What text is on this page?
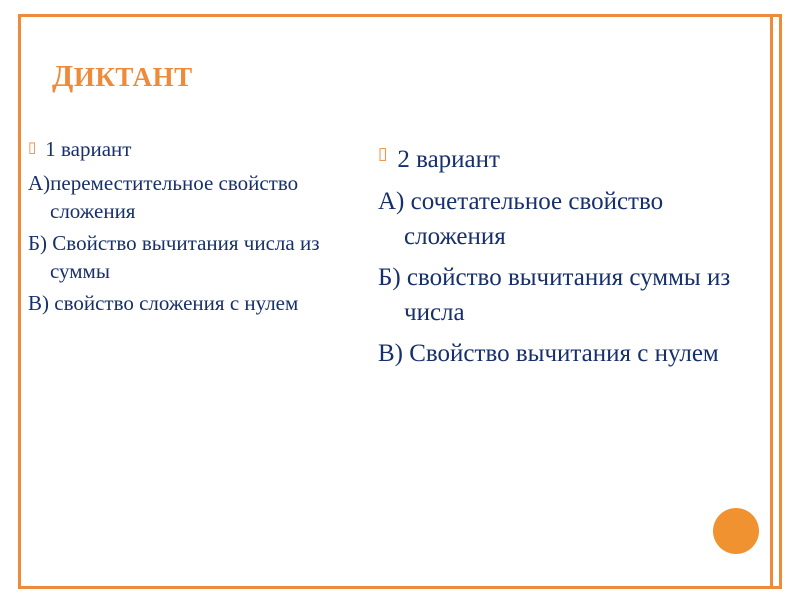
ДИКТАНТ
▯ 1 вариант
А)переместительное свойство сложения
Б) Свойство вычитания числа из суммы
В) свойство сложения с нулем
▯ 2 вариант
А) сочетательное свойство сложения
Б) свойство вычитания суммы из числа
В) Свойство вычитания с нулем
